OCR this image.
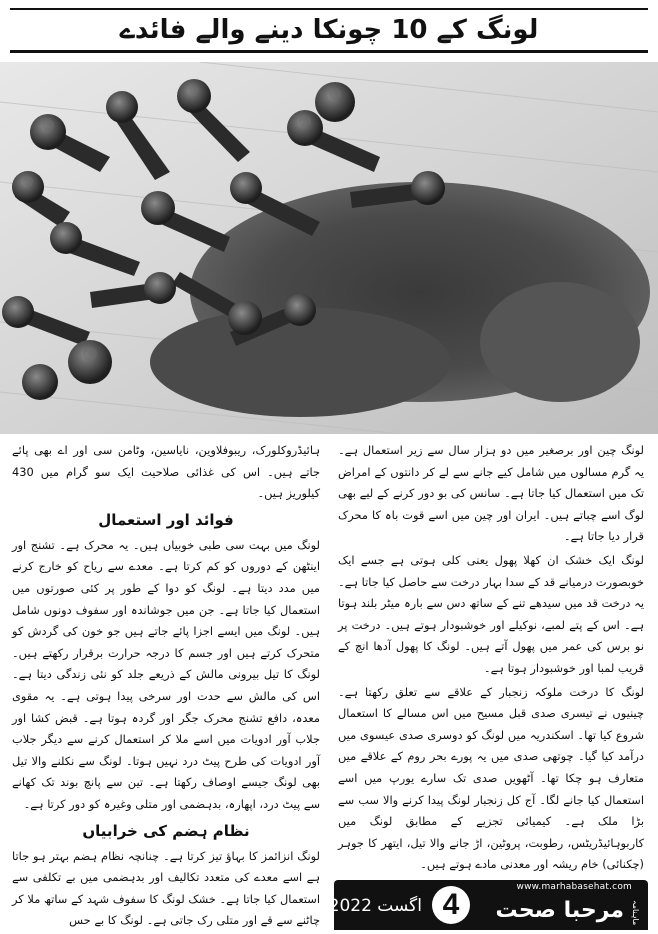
لونگ کے 10 چونکا دینے والے فائدے

لونگ چین اور برصغیر میں دو ہزار سال سے زیر استعمال ہے۔ یہ گرم مسالوں میں شامل کیے جانے سے لے کر دانتوں کے امراض تک میں استعمال کیا جاتا ہے۔ سانس کی بو دور کرنے کے لیے بھی لوگ اسے چباتے ہیں۔ ایران اور چین میں اسے قوت باہ کا محرک قرار دیا جاتا ہے۔

لونگ ایک خشک ان کھلا پھول یعنی کلی ہوتی ہے جسے ایک خوبصورت درمیانے قد کے سدا بہار درخت سے حاصل کیا جاتا ہے۔ یہ درخت قد میں سیدھے تنے کے ساتھ دس سے بارہ میٹر بلند ہوتا ہے۔ اس کے پتے لمبے، نوکیلے اور خوشبودار ہوتے ہیں۔ درخت پر نو برس کی عمر میں پھول آتے ہیں۔ لونگ کا پھول آدھا انچ کے قریب لمبا اور خوشبودار ہوتا ہے۔

لونگ کا درخت ملوکہ زنجبار کے علاقے سے تعلق رکھتا ہے۔ چینیوں نے تیسری صدی قبل مسیح میں اس مسالے کا استعمال شروع کیا تھا۔ اسکندریہ میں لونگ کو دوسری صدی عیسوی میں درآمد کیا گیا۔ چوتھی صدی میں یہ پورے بحر روم کے علاقے میں متعارف ہو چکا تھا۔ آٹھویں صدی تک سارے یورپ میں اسے استعمال کیا جانے لگا۔ آج کل زنجبار لونگ پیدا کرنے والا سب سے بڑا ملک ہے۔ کیمیائی تجزیے کے مطابق لونگ میں کاربوہائیڈریٹس، رطوبت، پروٹین، اڑ جانے والا تیل، ایتھر کا جوہر (چکنائی) خام ریشہ اور معدنی مادے ہوتے ہیں۔

ہائیڈروکلورک، ریبوفلاوین، نایاسین، وٹامن سی اور اے بھی پائے جاتے ہیں۔ اس کی غذائی صلاحیت ایک سو گرام میں 430 کیلوریز ہیں۔

فوائد اور استعمال

لونگ میں بہت سی طبی خوبیاں ہیں۔ یہ محرک ہے۔ تشنج اور اینٹھن کے دوروں کو کم کرتا ہے۔ معدے سے ریاح کو خارج کرنے میں مدد دیتا ہے۔ لونگ کو دوا کے طور پر کئی صورتوں میں استعمال کیا جاتا ہے۔ جن میں جوشاندہ اور سفوف دونوں شامل ہیں۔ لونگ میں ایسے اجزا پائے جاتے ہیں جو خون کی گردش کو متحرک کرتے ہیں اور جسم کا درجہ حرارت برقرار رکھتے ہیں۔ لونگ کا تیل بیرونی مالش کے ذریعے جلد کو نئی زندگی دیتا ہے۔ اس کی مالش سے حدت اور سرخی پیدا ہوتی ہے۔ یہ مقوی معدہ، دافع تشنج محرک جگر اور گردہ ہوتا ہے۔ قبض کشا اور جلاب آور ادویات میں اسے ملا کر استعمال کرنے سے دیگر جلاب آور ادویات کی طرح پیٹ درد نہیں ہوتا۔ لونگ سے نکلنے والا تیل بھی لونگ جیسے اوصاف رکھتا ہے۔ تین سے پانچ بوند تک کھانے سے پیٹ درد، اپھارہ، بدہضمی اور متلی وغیرہ کو دور کرتا ہے۔

نظام ہضم کی خرابیاں

لونگ انزائمز کا بہاؤ تیز کرتا ہے۔ چنانچہ نظام ہضم بہتر ہو جاتا ہے اسے معدے کی متعدد تکالیف اور بدہضمی میں بے تکلفی سے استعمال کیا جاتا ہے۔ خشک لونگ کا سفوف شہد کے ساتھ ملا کر چاٹنے سے قے اور متلی رک جاتی ہے۔ لونگ کا بے حس

www.marhabasehat.com
ماہنامہ
مرحبا صحت
4
اگست 2022ء
